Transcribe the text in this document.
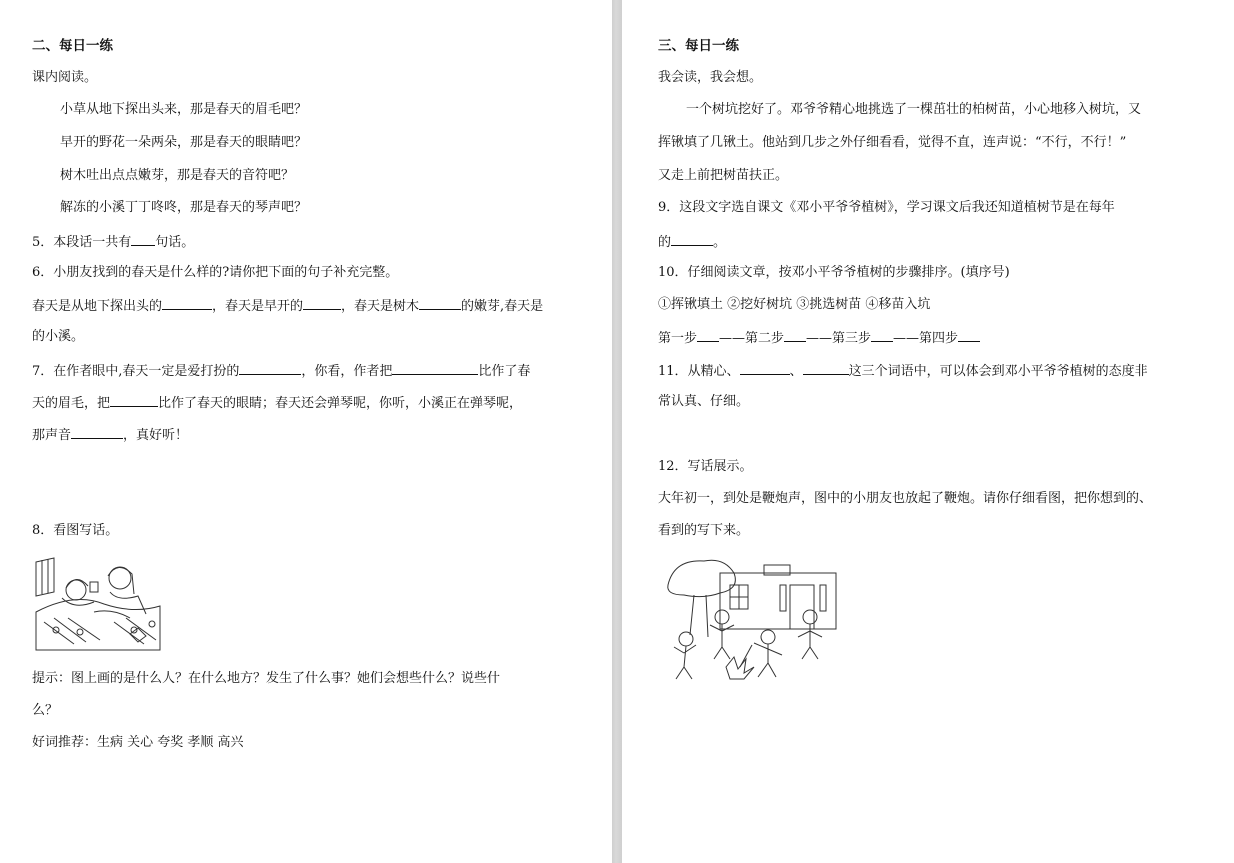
二、每日一练
课内阅读。
小草从地下探出头来，那是春天的眉毛吧？
早开的野花一朵两朵，那是春天的眼睛吧？
树木吐出点点嫩芽，那是春天的音符吧？
解冻的小溪丁丁咚咚，那是春天的琴声吧？
5．本段话一共有 句话。
6．小朋友找到的春天是什么样的?请你把下面的句子补充完整。
春天是从地下探出头的	，春天是早开的	，春天是树木	的嫩芽,春天是
的小溪。
7．在作者眼中,春天一定是爱打扮的	，你看，作者把	比作了春
天的眉毛，把	比作了春天的眼睛；春天还会弹琴呢，你听，小溪正在弹琴呢，
那声音	，真好听！
8．看图写话。
提示：图上画的是什么人？在什么地方？发生了什么事？她们会想些什么？说些什
么？
好词推荐：生病 关心 夸奖 孝顺 高兴
三、每日一练
我会读，我会想。
一个树坑挖好了。邓爷爷精心地挑选了一棵茁壮的柏树苗，小心地移入树坑，又
挥锹填了几锹土。他站到几步之外仔细看看，觉得不直，连声说：“不行，不行！”
又走上前把树苗扶正。
9．这段文字选自课文《邓小平爷爷植树》，学习课文后我还知道植树节是在每年
的	。
10．仔细阅读文章，按邓小平爷爷植树的步骤排序。(填序号)
①挥锹填土 ②挖好树坑 ③挑选树苗 ④移苗入坑
第一步 ——第二步 ——第三步 ——第四步
11．从精心、	、	这三个词语中，可以体会到邓小平爷爷植树的态度非
常认真、仔细。
12．写话展示。
大年初一，到处是鞭炮声，图中的小朋友也放起了鞭炮。请你仔细看图，把你想到的、
看到的写下来。
